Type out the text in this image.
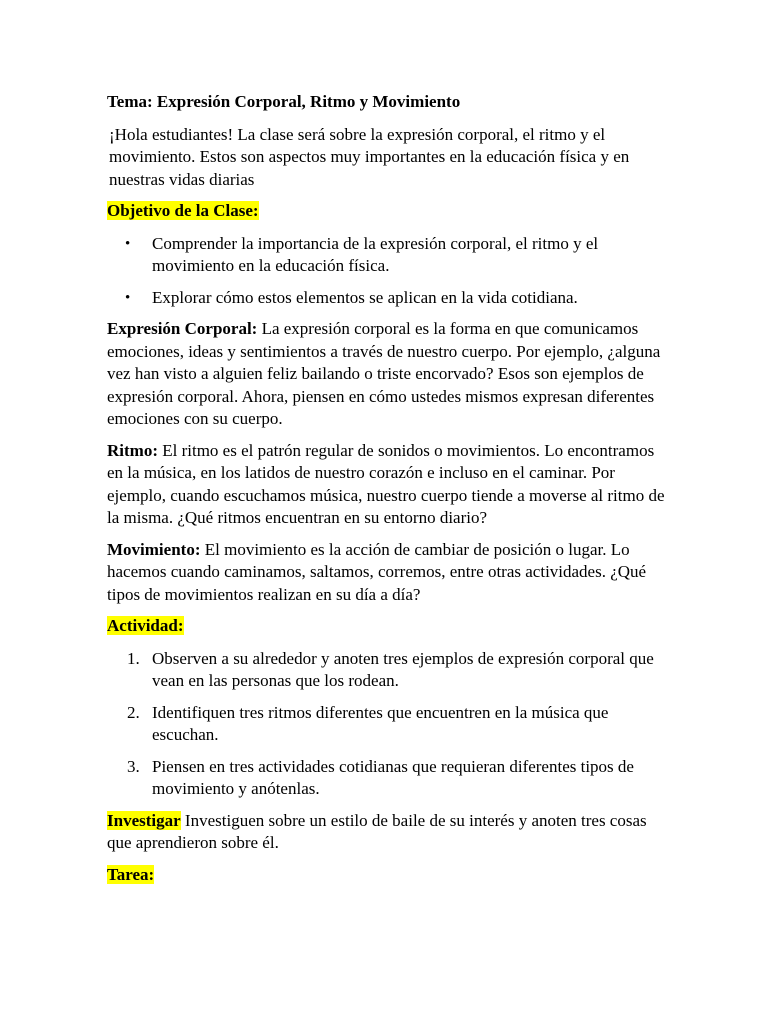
Tema: Expresión Corporal, Ritmo y Movimiento

¡Hola estudiantes! La clase será sobre la expresión corporal, el ritmo y el movimiento. Estos son aspectos muy importantes en la educación física y en nuestras vidas diarias

Objetivo de la Clase:

• Comprender la importancia de la expresión corporal, el ritmo y el movimiento en la educación física.
• Explorar cómo estos elementos se aplican en la vida cotidiana.

Expresión Corporal: La expresión corporal es la forma en que comunicamos emociones, ideas y sentimientos a través de nuestro cuerpo. Por ejemplo, ¿alguna vez han visto a alguien feliz bailando o triste encorvado? Esos son ejemplos de expresión corporal. Ahora, piensen en cómo ustedes mismos expresan diferentes emociones con su cuerpo.

Ritmo: El ritmo es el patrón regular de sonidos o movimientos. Lo encontramos en la música, en los latidos de nuestro corazón e incluso en el caminar. Por ejemplo, cuando escuchamos música, nuestro cuerpo tiende a moverse al ritmo de la misma. ¿Qué ritmos encuentran en su entorno diario?

Movimiento: El movimiento es la acción de cambiar de posición o lugar. Lo hacemos cuando caminamos, saltamos, corremos, entre otras actividades. ¿Qué tipos de movimientos realizan en su día a día?

Actividad:

1. Observen a su alrededor y anoten tres ejemplos de expresión corporal que vean en las personas que los rodean.
2. Identifiquen tres ritmos diferentes que encuentren en la música que escuchan.
3. Piensen en tres actividades cotidianas que requieran diferentes tipos de movimiento y anótenlas.

Investigar Investiguen sobre un estilo de baile de su interés y anoten tres cosas que aprendieron sobre él.

Tarea:
